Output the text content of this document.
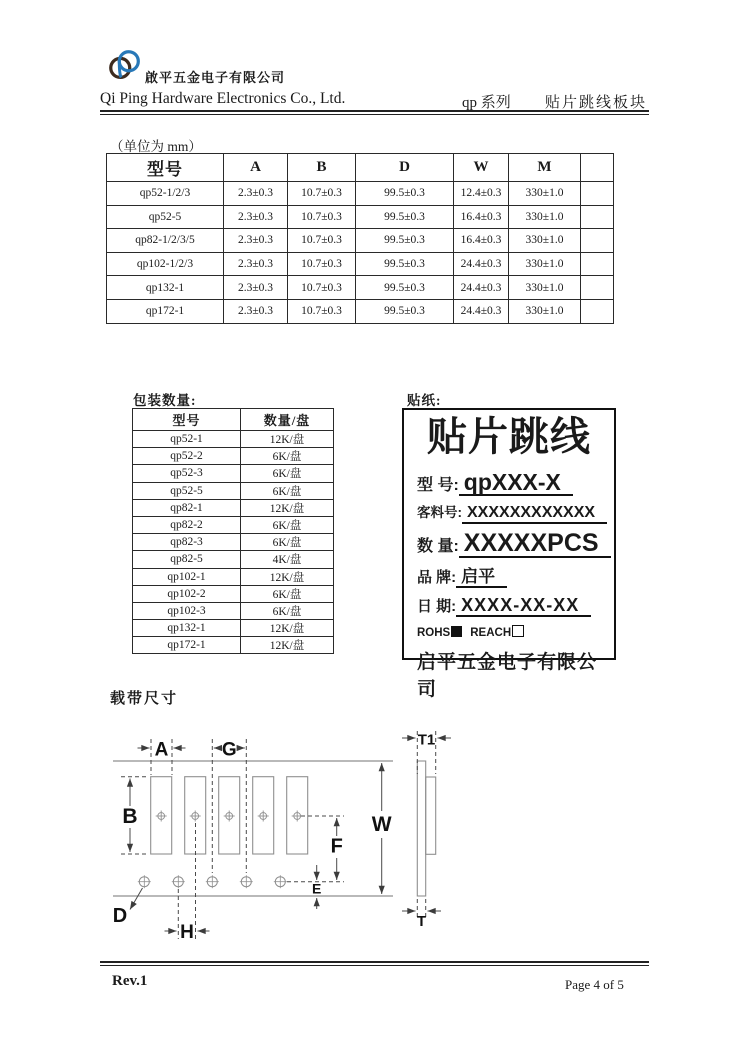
啟平五金电子有限公司
Qi Ping Hardware Electronics Co., Ltd.	qp 系列 贴片跳线板块
（单位为 mm）
型号	A	B	D	W	M	
qp52-1/2/3	2.3±0.3	10.7±0.3	99.5±0.3	12.4±0.3	330±1.0	
qp52-5	2.3±0.3	10.7±0.3	99.5±0.3	16.4±0.3	330±1.0	
qp82-1/2/3/5	2.3±0.3	10.7±0.3	99.5±0.3	16.4±0.3	330±1.0	
qp102-1/2/3	2.3±0.3	10.7±0.3	99.5±0.3	24.4±0.3	330±1.0	
qp132-1	2.3±0.3	10.7±0.3	99.5±0.3	24.4±0.3	330±1.0	
qp172-1	2.3±0.3	10.7±0.3	99.5±0.3	24.4±0.3	330±1.0	
包装数量:
型号	数量/盘
qp52-1	12K/盘
qp52-2	6K/盘
qp52-3	6K/盘
qp52-5	6K/盘
qp82-1	12K/盘
qp82-2	6K/盘
qp82-3	6K/盘
qp82-5	4K/盘
qp102-1	12K/盘
qp102-2	6K/盘
qp102-3	6K/盘
qp132-1	12K/盘
qp172-1	12K/盘
贴纸:
贴片跳线
型 号: qpXXX-X
客料号: XXXXXXXXXXXX
数 量: XXXXXPCS
品 牌: 启平
日 期: XXXX-XX-XX
ROHS REACH
启平五金电子有限公司
载带尺寸
A	G
B	W
F
E
D
H
T1
T
Rev.1	Page 4 of 5
